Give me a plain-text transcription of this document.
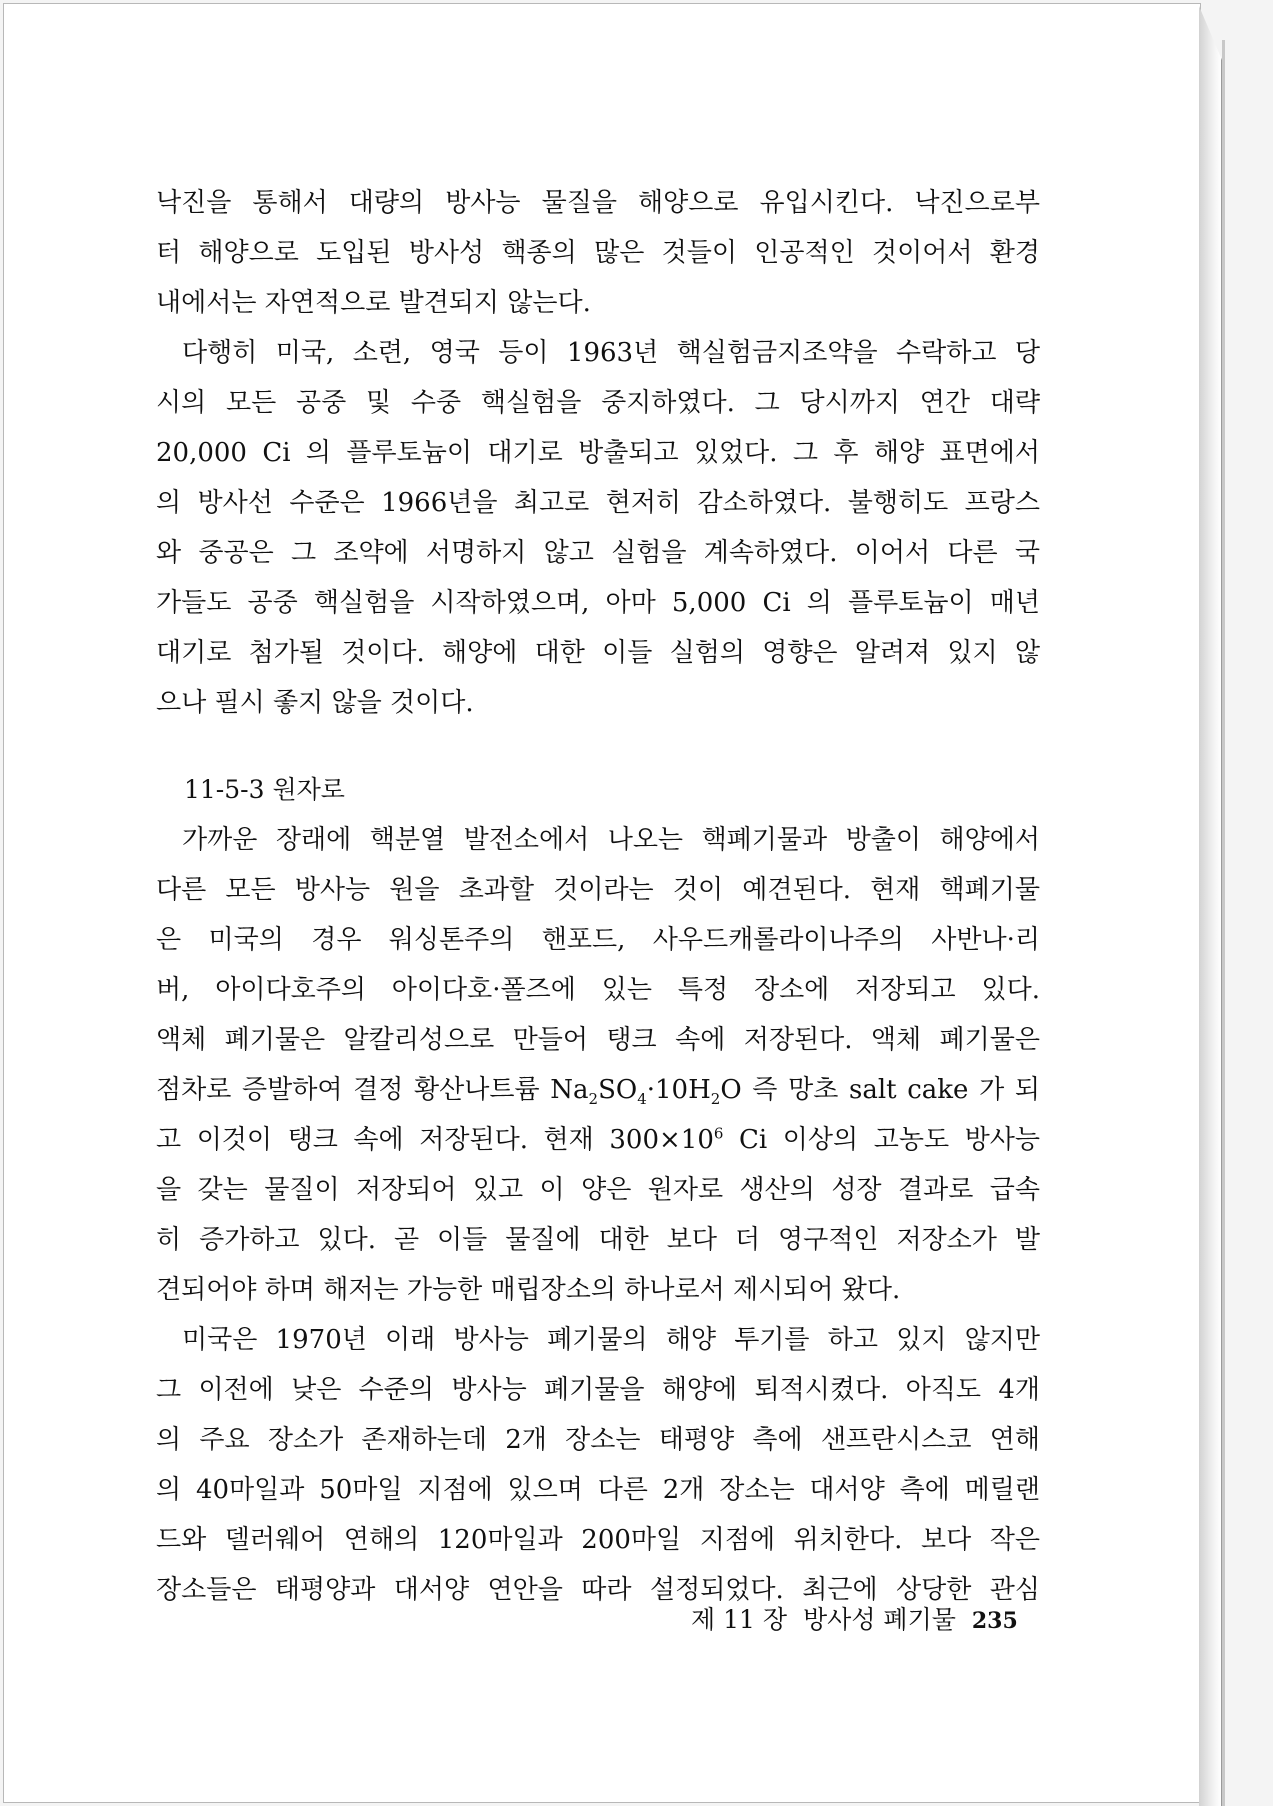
낙진을 통해서 대량의 방사능 물질을 해양으로 유입시킨다. 낙진으로부
터 해양으로 도입된 방사성 핵종의 많은 것들이 인공적인 것이어서 환경
내에서는 자연적으로 발견되지 않는다.
다행히 미국, 소련, 영국 등이 1963년 핵실험금지조약을 수락하고 당
시의 모든 공중 및 수중 핵실험을 중지하였다. 그 당시까지 연간 대략
20,000 Ci 의 플루토늄이 대기로 방출되고 있었다. 그 후 해양 표면에서
의 방사선 수준은 1966년을 최고로 현저히 감소하였다. 불행히도 프랑스
와 중공은 그 조약에 서명하지 않고 실험을 계속하였다. 이어서 다른 국
가들도 공중 핵실험을 시작하였으며, 아마 5,000 Ci 의 플루토늄이 매년
대기로 첨가될 것이다. 해양에 대한 이들 실험의 영향은 알려져 있지 않
으나 필시 좋지 않을 것이다.
가까운 장래에 핵분열 발전소에서 나오는 핵폐기물과 방출이 해양에서
다른 모든 방사능 원을 초과할 것이라는 것이 예견된다. 현재 핵폐기물
은 미국의 경우 워싱톤주의 핸포드, 사우드캐롤라이나주의 사반나·리
버, 아이다호주의 아이다호·폴즈에 있는 특정 장소에 저장되고 있다.
액체 폐기물은 알칼리성으로 만들어 탱크 속에 저장된다. 액체 폐기물은
점차로 증발하여 결정 황산나트륨 $Na_2SO_4\cdot 10H_2O$ 즉 망초 salt cake 가 되
고 이것이 탱크 속에 저장된다. 현재 $300\times 10^6$ Ci 이상의 고농도 방사능
을 갖는 물질이 저장되어 있고 이 양은 원자로 생산의 성장 결과로 급속
히 증가하고 있다. 곧 이들 물질에 대한 보다 더 영구적인 저장소가 발
견되어야 하며 해저는 가능한 매립장소의 하나로서 제시되어 왔다.
미국은 1970년 이래 방사능 폐기물의 해양 투기를 하고 있지 않지만
그 이전에 낮은 수준의 방사능 폐기물을 해양에 퇴적시켰다. 아직도 4개
의 주요 장소가 존재하는데 2개 장소는 태평양 측에 샌프란시스코 연해
의 40마일과 50마일 지점에 있으며 다른 2개 장소는 대서양 측에 메릴랜
드와 델러웨어 연해의 120마일과 200마일 지점에 위치한다. 보다 작은
장소들은 태평양과 대서양 연안을 따라 설정되었다. 최근에 상당한 관심
11-5-3 원자로
제 11 장 방사성 폐기물 235
